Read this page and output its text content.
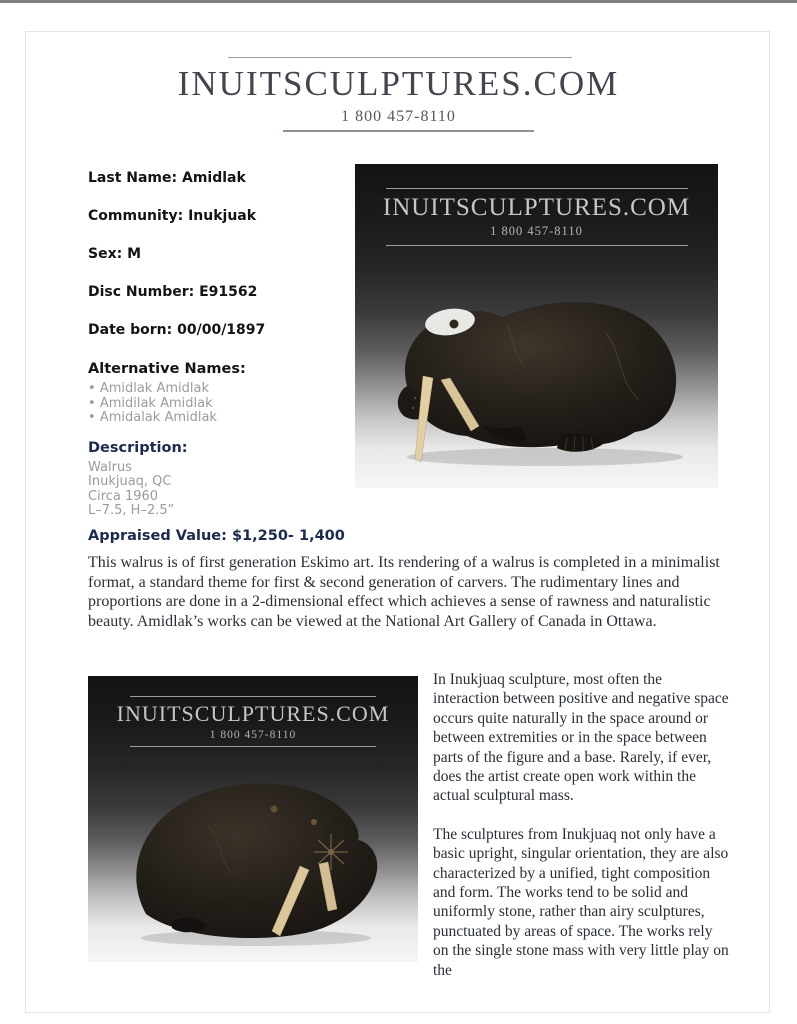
INUITSCULPTURES.COM
1 800 457-8110
Last Name: Amidlak
Community: Inukjuak
Sex: M
Disc Number: E91562
Date born: 00/00/1897
Alternative Names:
• Amidlak Amidlak
• Amidilak Amidlak
• Amidalak Amidlak
Description:
Walrus
Inukjuaq, QC
Circa 1960
L–7.5, H–2.5”
INUITSCULPTURES.COM
1 800 457-8110
Appraised Value: $1,250- 1,400

This walrus is of first generation Eskimo art. Its rendering of a walrus is completed in a minimalist format, a standard theme for first & second generation of carvers. The rudimentary lines and proportions are done in a 2-dimensional effect which achieves a sense of rawness and naturalistic beauty. Amidlak’s works can be viewed at the National Art Gallery of Canada in Ottawa.

INUITSCULPTURES.COM
1 800 457-8110

In Inukjuaq sculpture, most often the interaction between positive and negative space occurs quite naturally in the space around or between extremities or in the space between parts of the figure and a base. Rarely, if ever, does the artist create open work within the actual sculptural mass.

The sculptures from Inukjuaq not only have a basic upright, singular orientation, they are also characterized by a unified, tight composition and form. The works tend to be solid and uniformly stone, rather than airy sculptures, punctuated by areas of space. The works rely on the single stone mass with very little play on the
